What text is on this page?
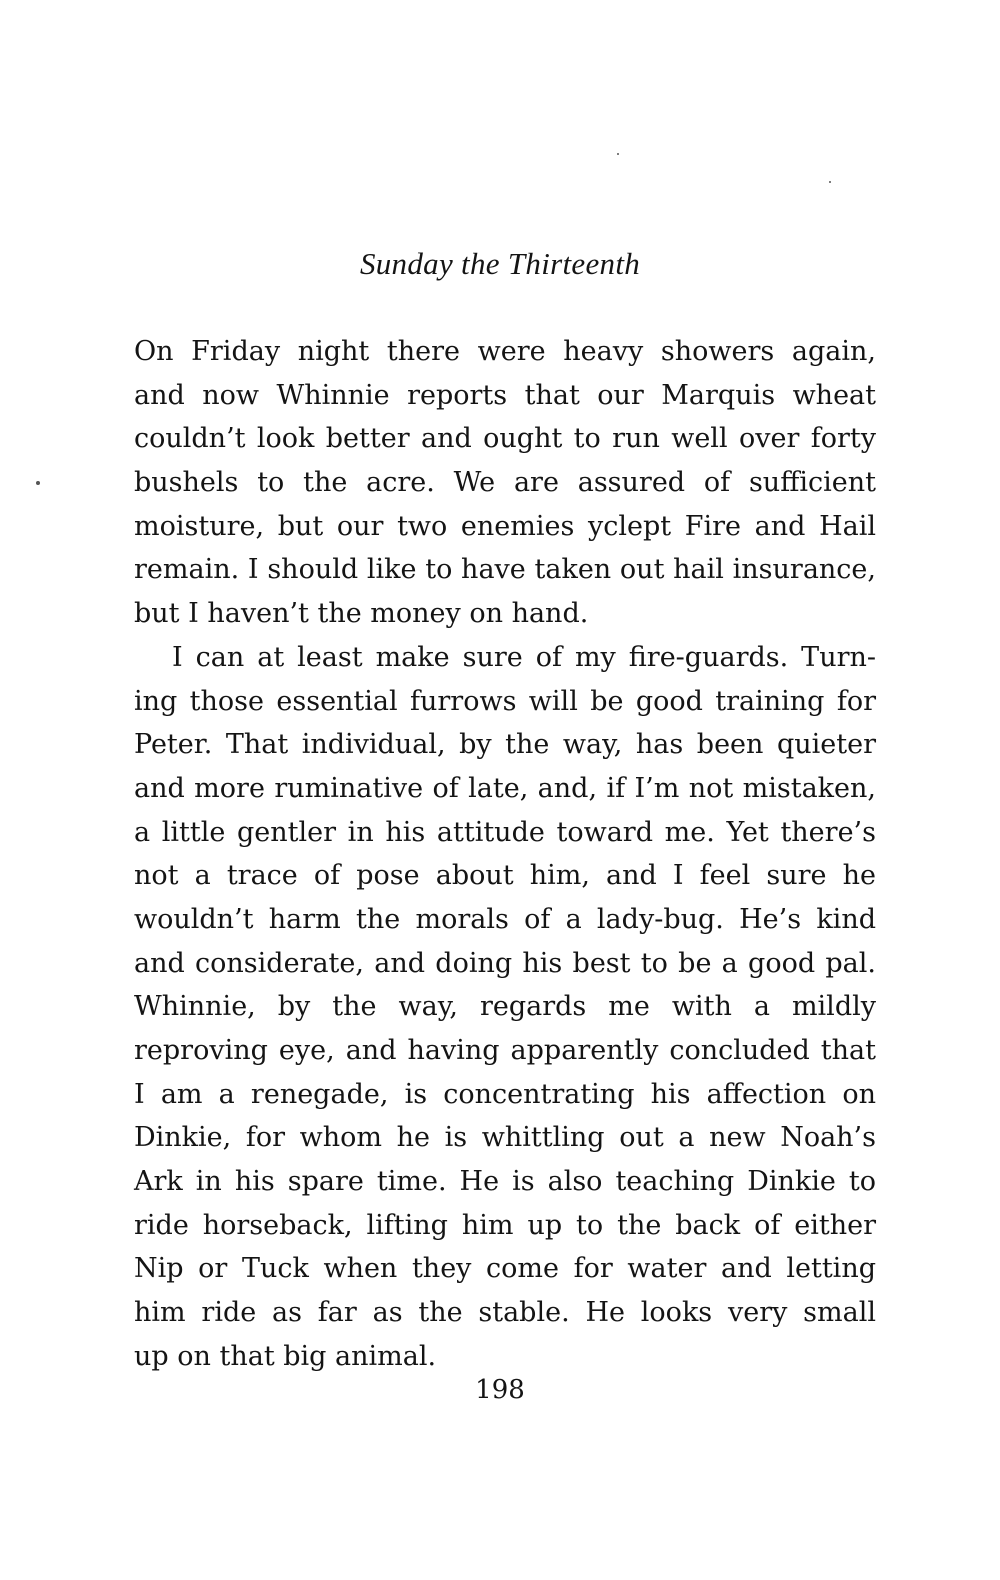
Sunday the Thirteenth
On Friday night there were heavy showers again,
and now Whinnie reports that our Marquis wheat
couldn’t look better and ought to run well over forty
bushels to the acre. We are assured of sufficient
moisture, but our two enemies yclept Fire and Hail
remain. I should like to have taken out hail insurance,
but I haven’t the money on hand.
I can at least make sure of my fire-guards. Turn-
ing those essential furrows will be good training for
Peter. That individual, by the way, has been quieter
and more ruminative of late, and, if I’m not mistaken,
a little gentler in his attitude toward me. Yet there’s
not a trace of pose about him, and I feel sure he
wouldn’t harm the morals of a lady-bug. He’s kind
and considerate, and doing his best to be a good pal.
Whinnie, by the way, regards me with a mildly
reproving eye, and having apparently concluded that
I am a renegade, is concentrating his affection on
Dinkie, for whom he is whittling out a new Noah’s
Ark in his spare time. He is also teaching Dinkie to
ride horseback, lifting him up to the back of either
Nip or Tuck when they come for water and letting
him ride as far as the stable. He looks very small
up on that big animal.
198
